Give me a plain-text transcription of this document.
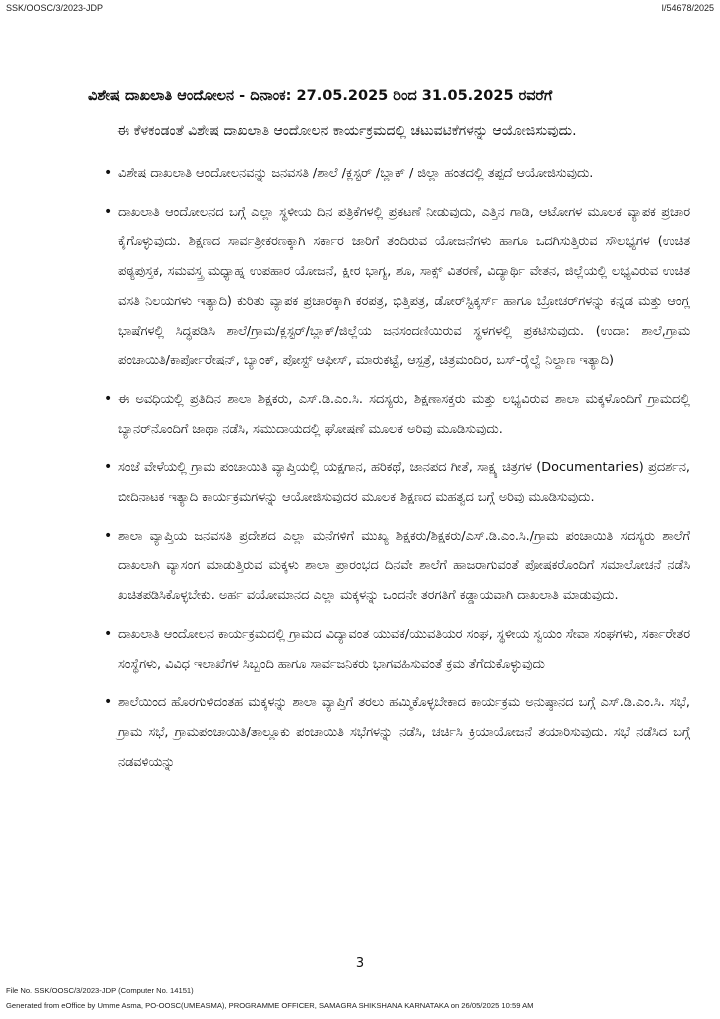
SSK/OOSC/3/2023-JDP	I/54678/2025
ವಿಶೇಷ ದಾಖಲಾತಿ ಆಂದೋಲನ - ದಿನಾಂಕ: 27.05.2025 ರಿಂದ 31.05.2025 ರವರೆಗೆ
ಈ ಕೆಳಕಂಡಂತೆ ವಿಶೇಷ ದಾಖಲಾತಿ ಆಂದೋಲನ ಕಾರ್ಯಕ್ರಮದಲ್ಲಿ ಚಟುವಟಿಕೆಗಳನ್ನು ಆಯೋಜಿಸುವುದು.
• ವಿಶೇಷ ದಾಖಲಾತಿ ಆಂದೋಲನವನ್ನು ಜನವಸತಿ /ಶಾಲೆ /ಕ್ಲಸ್ಟರ್ /ಬ್ಲಾಕ್ / ಜಿಲ್ಲಾ ಹಂತದಲ್ಲಿ ತಪ್ಪದೆ ಆಯೋಜಿಸುವುದು.
• ದಾಖಲಾತಿ ಆಂದೋಲನದ ಬಗ್ಗೆ ಎಲ್ಲಾ ಸ್ಥಳೀಯ ದಿನ ಪತ್ರಿಕೆಗಳಲ್ಲಿ ಪ್ರಕಟಣೆ ನೀಡುವುದು, ಎತ್ತಿನ ಗಾಡಿ, ಆಟೋಗಳ ಮೂಲಕ ವ್ಯಾಪಕ ಪ್ರಚಾರ ಕೈಗೊಳ್ಳುವುದು. ಶಿಕ್ಷಣದ ಸಾರ್ವತ್ರೀಕರಣಕ್ಕಾಗಿ ಸರ್ಕಾರ ಜಾರಿಗೆ ತಂದಿರುವ ಯೋಜನೆಗಳು ಹಾಗೂ ಒದಗಿಸುತ್ತಿರುವ ಸೌಲಭ್ಯಗಳ (ಉಚಿತ ಪಠ್ಯಪುಸ್ತಕ, ಸಮವಸ್ತ್ರ ಮಧ್ಯಾಹ್ನ ಉಪಹಾರ ಯೋಜನೆ, ಕ್ಷೀರ ಭಾಗ್ಯ, ಶೂ, ಸಾಕ್ಸ್ ವಿತರಣೆ, ವಿದ್ಯಾರ್ಥಿ ವೇತನ, ಜಿಲ್ಲೆಯಲ್ಲಿ ಲಭ್ಯವಿರುವ ಉಚಿತ ವಸತಿ ನಿಲಯಗಳು ಇತ್ಯಾದಿ) ಕುರಿತು ವ್ಯಾಪಕ ಪ್ರಚಾರಕ್ಕಾಗಿ ಕರಪತ್ರ, ಭಿತ್ತಿಪತ್ರ, ಡೋರ್‌ಸ್ಟಿಕ್ಕರ್ಸ್ ಹಾಗೂ ಬ್ರೋಚರ್‌ಗಳನ್ನು ಕನ್ನಡ ಮತ್ತು ಆಂಗ್ಲ ಭಾಷೆಗಳಲ್ಲಿ ಸಿದ್ಧಪಡಿಸಿ ಶಾಲೆ/ಗ್ರಾಮ/ಕ್ಲಸ್ಟರ್/ಬ್ಲಾಕ್/ಜಿಲ್ಲೆಯ ಜನಸಂದಣಿಯಿರುವ ಸ್ಥಳಗಳಲ್ಲಿ ಪ್ರಕಟಿಸುವುದು. (ಉದಾ: ಶಾಲೆ,ಗ್ರಾಮ ಪಂಚಾಯಿತಿ/ಕಾರ್ಪೋರೇಷನ್, ಬ್ಯಾಂಕ್, ಪೋಸ್ಟ್ ಆಫೀಸ್, ಮಾರುಕಟ್ಟೆ, ಆಸ್ಪತ್ರೆ, ಚಿತ್ರಮಂದಿರ, ಬಸ್-ರೈಲ್ವೆ ನಿಲ್ದಾಣ ಇತ್ಯಾದಿ)
• ಈ ಅವಧಿಯಲ್ಲಿ ಪ್ರತಿದಿನ ಶಾಲಾ ಶಿಕ್ಷಕರು, ಎಸ್.ಡಿ.ಎಂ.ಸಿ. ಸದಸ್ಯರು, ಶಿಕ್ಷಣಾಸಕ್ತರು ಮತ್ತು ಲಭ್ಯವಿರುವ ಶಾಲಾ ಮಕ್ಕಳೊಂದಿಗೆ ಗ್ರಾಮದಲ್ಲಿ ಬ್ಯಾನರ್‌ನೊಂದಿಗೆ ಜಾಥಾ ನಡೆಸಿ, ಸಮುದಾಯದಲ್ಲಿ ಘೋಷಣೆ ಮೂಲಕ ಅರಿವು ಮೂಡಿಸುವುದು.
• ಸಂಜೆ ವೇಳೆಯಲ್ಲಿ ಗ್ರಾಮ ಪಂಚಾಯಿತಿ ವ್ಯಾಪ್ತಿಯಲ್ಲಿ ಯಕ್ಷಗಾನ, ಹರಿಕಥೆ, ಜಾನಪದ ಗೀತೆ, ಸಾಕ್ಷ್ಯ ಚಿತ್ರಗಳ (Documentaries) ಪ್ರದರ್ಶನ, ಬೀದಿನಾಟಕ ಇತ್ಯಾದಿ ಕಾರ್ಯಕ್ರಮಗಳನ್ನು ಆಯೋಜಿಸುವುದರ ಮೂಲಕ ಶಿಕ್ಷಣದ ಮಹತ್ವದ ಬಗ್ಗೆ ಅರಿವು ಮೂಡಿಸುವುದು.
• ಶಾಲಾ ವ್ಯಾಪ್ತಿಯ ಜನವಸತಿ ಪ್ರದೇಶದ ಎಲ್ಲಾ ಮನೆಗಳಿಗೆ ಮುಖ್ಯ ಶಿಕ್ಷಕರು/ಶಿಕ್ಷಕರು/ಎಸ್.ಡಿ.ಎಂ.ಸಿ./ಗ್ರಾಮ ಪಂಚಾಯಿತಿ ಸದಸ್ಯರು ಶಾಲೆಗೆ ದಾಖಲಾಗಿ ವ್ಯಾಸಂಗ ಮಾಡುತ್ತಿರುವ ಮಕ್ಕಳು ಶಾಲಾ ಪ್ರಾರಂಭದ ದಿನವೇ ಶಾಲೆಗೆ ಹಾಜರಾಗುವಂತೆ ಪೋಷಕರೊಂದಿಗೆ ಸಮಾಲೋಚನೆ ನಡೆಸಿ ಖಚಿತಪಡಿಸಿಕೊಳ್ಳಬೇಕು. ಅರ್ಹ ವಯೋಮಾನದ ಎಲ್ಲಾ ಮಕ್ಕಳನ್ನು ಒಂದನೇ ತರಗತಿಗೆ ಕಡ್ಡಾಯವಾಗಿ ದಾಖಲಾತಿ ಮಾಡುವುದು.
• ದಾಖಲಾತಿ ಆಂದೋಲನ ಕಾರ್ಯಕ್ರಮದಲ್ಲಿ ಗ್ರಾಮದ ವಿದ್ಯಾವಂತ ಯುವಕ/ಯುವತಿಯರ ಸಂಘ, ಸ್ಥಳೀಯ ಸ್ವಯಂ ಸೇವಾ ಸಂಘಗಳು, ಸರ್ಕಾರೇತರ ಸಂಸ್ಥೆಗಳು, ವಿವಿಧ ಇಲಾಖೆಗಳ ಸಿಬ್ಬಂದಿ ಹಾಗೂ ಸಾರ್ವಜನಿಕರು ಭಾಗವಹಿಸುವಂತೆ ಕ್ರಮ ತೆಗೆದುಕೊಳ್ಳುವುದು
• ಶಾಲೆಯಿಂದ ಹೊರಗುಳಿದಂತಹ ಮಕ್ಕಳನ್ನು ಶಾಲಾ ವ್ಯಾಪ್ತಿಗೆ ತರಲು ಹಮ್ಮಿಕೊಳ್ಳಬೇಕಾದ ಕಾರ್ಯಕ್ರಮ ಅನುಷ್ಠಾನದ ಬಗ್ಗೆ ಎಸ್.ಡಿ.ಎಂ.ಸಿ. ಸಭೆ, ಗ್ರಾಮ ಸಭೆ, ಗ್ರಾಮಪಂಚಾಯಿತಿ/ತಾಲ್ಲೂಕು ಪಂಚಾಯಿತಿ ಸಭೆಗಳನ್ನು ನಡೆಸಿ, ಚರ್ಚಿಸಿ ಕ್ರಿಯಾಯೋಜನೆ ತಯಾರಿಸುವುದು. ಸಭೆ ನಡೆಸಿದ ಬಗ್ಗೆ ನಡವಳಿಯನ್ನು
3
File No. SSK/OOSC/3/2023-JDP (Computer No. 14151)
Generated from eOffice by Umme Asma, PO-OOSC(UMEASMA), PROGRAMME OFFICER, SAMAGRA SHIKSHANA KARNATAKA on 26/05/2025 10:59 AM
